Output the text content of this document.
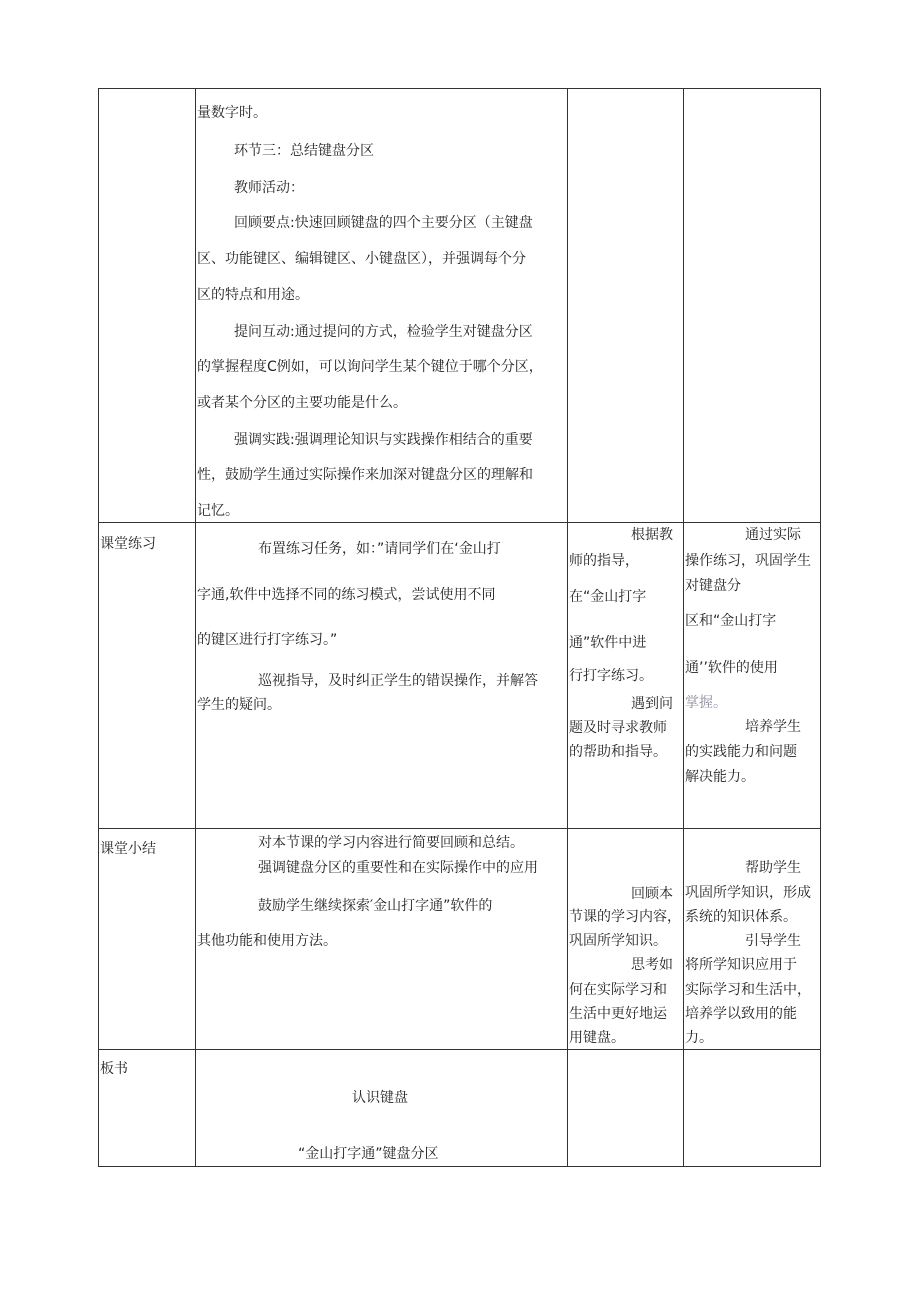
量数字时。
环节三：总结键盘分区
教师活动：
回顾要点:快速回顾键盘的四个主要分区（主键盘
区、功能键区、编辑键区、小键盘区），并强调每个分
区的特点和用途。
提问互动:通过提问的方式，检验学生对键盘分区
的掌握程度C例如，可以询问学生某个键位于哪个分区，
或者某个分区的主要功能是什么。
强调实践:强调理论知识与实践操作相结合的重要
性，鼓励学生通过实际操作来加深对键盘分区的理解和
记忆。
课堂练习	布置练习任务，如：”请同学们在‘金山打
字通,软件中选择不同的练习模式，尝试使用不同
的键区进行打字练习。”
巡视指导，及时纠正学生的错误操作，并解答
学生的疑问。
根据教
师的指导，
在“金山打字
通”软件中进
行打字练习。
遇到问
题及时寻求教师
的帮助和指导。
通过实际
操作练习，巩固学生
对键盘分
区和“金山打字
通’’软件的使用
掌握。
培养学生
的实践能力和问题
解决能力。
课堂小结	对本节课的学习内容进行简要回顾和总结。
强调键盘分区的重要性和在实际操作中的应用
鼓励学生继续探索′金山打字通”软件的
其他功能和使用方法。
回顾本
节课的学习内容，
巩固所学知识。
思考如
何在实际学习和
生活中更好地运
用键盘。
帮助学生
巩固所学知识，形成
系统的知识体系。
引导学生
将所学知识应用于
实际学习和生活中，
培养学以致用的能
力。
板书
认识键盘
“金山打字通”键盘分区
